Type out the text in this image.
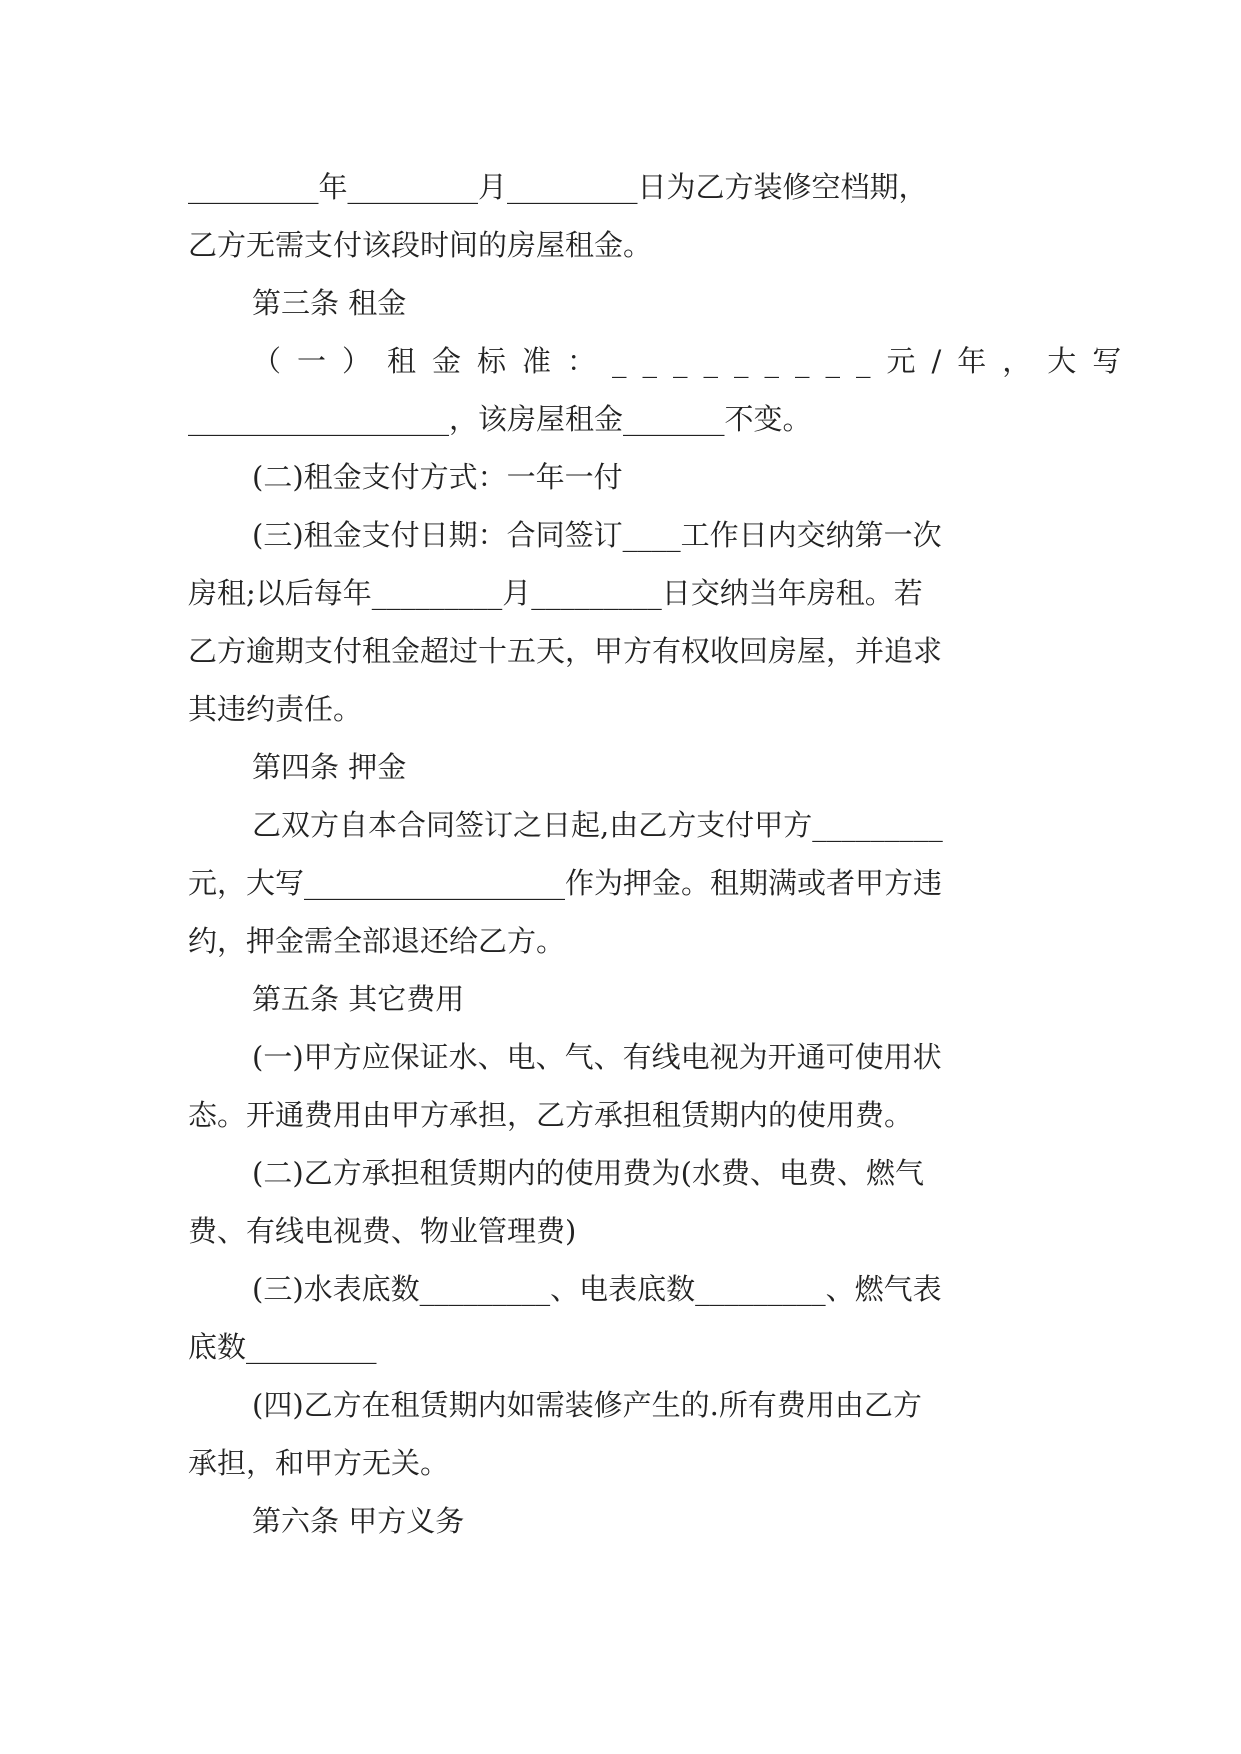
_________年_________月_________日为乙方装修空档期，
乙方无需支付该段时间的房屋租金。
第三条 租金
（一）租金标准：_________元/年，大写
__________________，该房屋租金_______不变。
(二)租金支付方式：一年一付
(三)租金支付日期：合同签订____工作日内交纳第一次
房租;以后每年_________月_________日交纳当年房租。若
乙方逾期支付租金超过十五天，甲方有权收回房屋，并追求
其违约责任。
第四条 押金
乙双方自本合同签订之日起,由乙方支付甲方_________
元，大写__________________作为押金。租期满或者甲方违
约，押金需全部退还给乙方。
第五条 其它费用
(一)甲方应保证水、电、气、有线电视为开通可使用状
态。开通费用由甲方承担，乙方承担租赁期内的使用费。
(二)乙方承担租赁期内的使用费为(水费、电费、燃气
费、有线电视费、物业管理费)
(三)水表底数_________、电表底数_________、燃气表
底数_________
(四)乙方在租赁期内如需装修产生的.所有费用由乙方
承担，和甲方无关。
第六条 甲方义务
